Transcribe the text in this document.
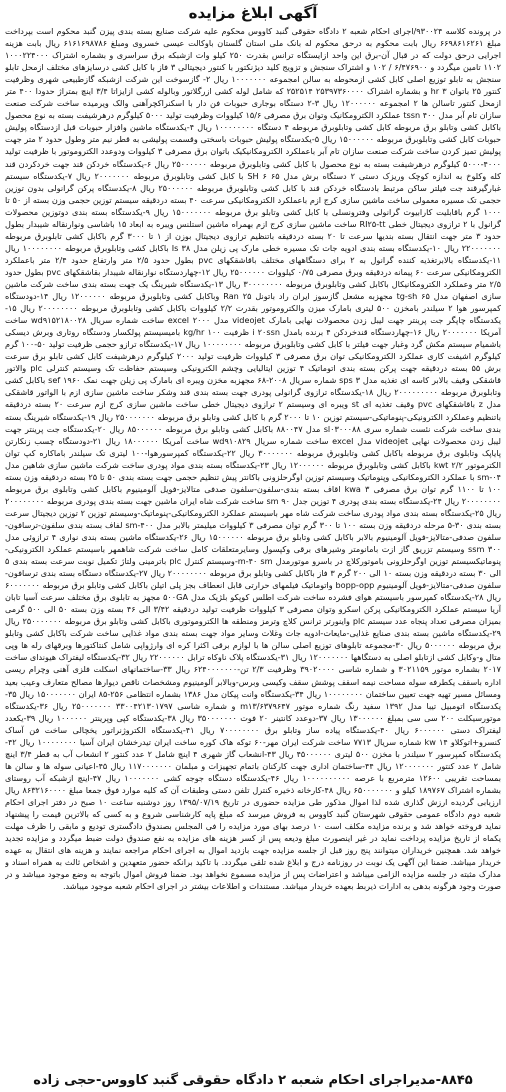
آگهی ابلاغ مزایده

در پرونده کلاسه ۹۳۰۰۲۴/اجرای احکام شعبه ۲ دادگاه حقوقی گنبد کاووس محکوم علیه شرکت صنایع بسته بندی پیزن گنبد محکوم است بپرداخت مبلغ ۶۶۹۸۶۱۶۲۶۱ ریال بابت محکوم به درحق محکوم له بانک ملی استان گلستان باوکالت عیسی خسروی ومبلغ ۶۱۶۱۶۹۸۷۸۶ ریال بابت هزینه اجرایی درحق دولت که در قبال آن-برق این واحد ازایستگاه ترانس بقدرت ۲۵۰ کیلو وات ازشبکه برق سراسری و بشماره اشتراک ۱۰۰۰۲۲۴۰۰۰ ۱۱۰۲ تامین میگردد و ۶/۴۷۶۹۰۰ / ۱۰۲ و اشتراک سنجش و تزویج کلید دیژنکتور با کنتور دیجیتالی ۳ فاز با کابل کشی درسایزهای مختلف ازمحل تابلو سنجش به تابلو توزیع اصلی کابل کشی ازمحوطه به سالن امجموعه ۱۰۰۰۰۰۰۰ ریال ۲- گازسوخت این شرکت ازشبکه گازطبیعی شهری وظرفیت کنتور ۲۵ باتوان ۳ hr و بشماره اشتراک ۲۵۳۹۷۳۶۰۰۰۰ ۲۵۲۵۱۴ که شامل لوله کشی ازرگلاتور وبالوله کشی ازایزاتا ۳/۴ اینچ بمتراژ حدودا ۴۰۰ متر ازمحل کنتور تاسالن ها ۲ امجموعه ۱۲۰۰۰۰۰۰ ریال ۳-۲ دستگاه بوجاری حبوبات فن دار با اسکنراکچرآهنی والک ویرمیده ساخت شرکت صنعت سازان تام آبر مدل ۴۰۰ tssn عملکرد الکترومکانیک وتوان برق مصرفی ۱۵/۶ کیلووات وظرفیت تولید ۵۰۰۰ کیلوگرم درهرشیفت بسته به نوع محصول باکابل کشی وتابلو برق مربوطه کابل کشی وتابلوبرق مربوطه ۴ دستگاه ۱۰۰۰۰۰۰۰۰ ریال ۴-یکدستگاه ماشین وافزار حبوبات قبل ازدستگاه پولیش حبوبات کابل کشی وتابلوبرق مربوطه ۱۵۰۰۰۰۰۰ ریال ۵-یکدستگاه پولیش حبوبات باسختی وقسمت پولیشی به قطر نیم متر وطول حدود ۲ متر جهت پولیش تمیز کردن ساخت شرکت صنعت سازان تام آبر باعملکرد الکترومکانیکیک باتوان برق مصرفی ۳ کیلووات ودوعدد الکتروموتور با ظرفیت تولید ۴۰۰۰-۵۰۰۰ کیلوگرم درهرشیفت بسته به نوع محصول با کابل کشی وتابلوبرق مربوطه ۲۵۰۰۰۰۰۰ ریال ۶-یکدستگاه خردکن قند جهت خردکردن قند کله وکلوخ به اندازه کوچک وریزک دستی ۲ دستگاه برش مدل ۶۵ SH ۶ با کابل کشی وتابلوبرق مربوطه ۲۰۰۰۰۰۰۰ ریال ۷-یکدستگاه سیستم غبارگیرقند جت فیلتر ساکن مرتبط بادستگاه خردکن قند با کابل کشی وتابلوبرق مربوطه ۲۵۰۰۰۰۰۰ ریال ۸-یکدستگاه پرکن گرانولی بدون توزین حجمی تک مسیره معمولی ساخت ماشین سازی کرج ازم باعملکرد الکترومکانیکی سرعت ۴۰ بسته دردقیقه سیستم توزین حجمی وزن بسته از ۵۰ تا ۱۰۰۰ گرم باقابلیت کارابیوت گرانولی وفترونسلی با کابل کشی وتابلو برق مربوطه ۱۵۰۰۰۰۰۰۰ ریال ۹-یکدستگاه بسته بندی دوتوزین محصولات گرانول با ۲ ترازوی دیجیتال خطی RI۲۵-tt ساخت ماشین سازی کرج ازم بهمراه ماشین استلنس ویبره به ابعاد ۱۵ باشاسی ونوارنقاله شیبدار بطول حدود ۳ متر جهت انتقال بسته بندیها سرعت تا ۲۰ بسته دردقیقه باتنظیم ترازوی دیجیتال بوزن از ۱ تا ۳۰۰۰ گرم باکابل کشی تابلوبرق مربوطه ۲۲۰۰۰۰۰۰۰ ریال ۱۰-یکدستگاه بسته بندی ادویه جات تک مسیره خطی مارک پی زیلن مدل ۳۸ Is باکابل کشی وتابلوبرق مربوطه ۱۰۰۰۰۰۰۰۰ ریال ۱۱-یکدستگاه بالابرتغذیه کننده گرانول به ۲ برای دستگاههای مختلف باقاشقکهای pvc بطول حدود ۲/۵ متر وارتفاع حدود ۲/۴ متر باعملکرد الکترومکانیکی سرعت ۶۰ پیمانه دردقیقه وبرق مصرفی ۰/۷۵ کیلووات ۲۵۰۰۰۰۰۰ ریال ۱۲-چهاردستگاه نوارنقاله شیبدار بقاشقکهای pvc بطول حدود ۲/۵ متر وعملکرد الکترومکانیکال باکابل کشی وتابلوبرق مربوطه ۳۰۰۰۰۰۰۰۰ ریال ۱۳-یکدستگاه شیرینگ یک جهت بسته بندی ساخت شرکت ماشین سازی اصفهان مدل tg-sh ۶۵ مجهزبه مشعل گازسوز ایران راد باتونل ۲۵ Ran وباکابل کشی وتابلوبرق مربوطه ۱۲۰۰۰۰۰۰ ریال ۱۴-دودستگاه کمپرسور هوا ۲ سیلندر بامخزن ۵۰۰ لیتری بامارک میزن والکتروموتور بقدرت ۲/۲ کیلووات باکابل کشی وتابلوبرق مربوطه ۲۰۰۰۰۰۰۰۰ ریال ۱۵-یکدستگاه چاپگر جت پرینتر جهت لیبل زدن محصولات نهایی بامارک videojet مدل excel ۲۰۰۰ ساخت شماره سریال wd۹۱۵۲۱۸۰۰۲۸ ساخت آمریکا ۲۰۰۰۰۰۰۰ ریال ۱۶-چهاردستگاه قندخردکن ۴ برنده بامدل i ۲۰ssn ظرفیت ۱۰۰ kg/hr بامیسیستم پولکسار ودستگاه روتاری وبرش دیسکی باشمیام سیستم مکش گرد وغبار جهت فیلتر با کابل کشی وتابلوبرق مربوطه ۱۰۰۰۰۰۰۰۰ ریال ۱۷-یکدستگاه ترازو حجمی ظرفیت تولید ۵۰-۱۰۰ گرم کیلوگرم اشیفت کاری عملکرد الکترومکانیکی توان برق مصرفی ۳ کیلووات ظرفیت تولید ۲۰۰۰ کیلوگرم درهرشیفت کابل کشی تابلو برق سرعت برش ۵۵ بسته دردقیقه جهت پرکن بسته بندی اتوماتیک ۴ توزین ایتالیایی وچشم الکترونیکی وسیستم حفاظت تک وسیستم کنترلی plc والاتور قاشقکی وقیف بالابر کاسه ای تغذیه مدل ۳ sps شماره سریال ۲۰۰۸-۶۸ مجهزبه مخزن ویبره ای بامارک پی زیلن جهت نمک ۱۹۶۰ sef باکابل کشی وتابلوبرق مربوطه ۲۰۰۰۰۰۰۰۰۰ ریال ۱۸-یکدستگاه ترازوی گرانولی پودری جهت بسته بندی قند وشکر ساخت ماشین سازی ازم با الواتور قاشقکی مدل z باقاشقکهای pvc وقیف تغذیه ای st ویبره ای وسیستم ۲ ترازوی دیجیتال خطی ساخت ماشین سازی کرج ازم سرعت ۲۰ بسته دردقیقه باتنظیم وعملکرد الکترونیکی-پنوماتیکی-سیستم توزین ۱۰ تا ۲۰۰۰ گرم با کابل کشی وتابلو برق مربوطه ۲۵۰۰۰۰۰۰۰ ریال ۱۹-یکدستگاه شیرینگ بسته بندی ساخت شرکت نئست شماره سری sl۰۳۰۰۰۸۸ مدل ۸۸۰۰۴۷ باکابل کشی وتابلو برق مربوطه ۸۵۰۰۰۰۰۰ ریال ۲۰-یکدستگاه جت پرینتر جهت لیبل زدن محصولات نهایی videojet مدل excel ساخت شماره سریال wd۹۱۰۸۲۹ ساخت آمریکا ۱۸۰۰۰۰۰۰ ریال ۲۱-دودستگاه چسب زنکارتن پایاپک وتابلوی برق مربوطه باکابل کشی وتابلوبرق مربوطه ۳۰۰۰۰۰۰۰ ریال ۲۲-یکدستگاه کمپرسورهوا-۱۰۰ لیتری تک سیلندر باماکاره کپ توان الکترموتور ۲/۲ kwt باکابل کشی وتابلوبرق مربوطه ۱۲۰۰۰۰۰۰ ریال ۲۳-یکدستگاه بسته بندی مواد پودری ساخت شرکت ماشین سازی شاهین مدل sm-۰۴ با عملکرد الکترومکانیکی وپنوماتیک وسیستم توزین اوگرحلزونی باکانتر پیش تنظیم حجمی جهت بسته بندی ۵۰ تا ۲۵ بسته دردقیقه وزن بسته ۱۰۰ تا ۱۱۰۰ گرم توان برق مصرفی ۳ kwa اقاف بسته بندی-سلفون-سلفون صدفی متالایز-فویل آلومینیوم باکابل کشی وتابلوی برق مربوطه ۲۰۰۰۰۰۰۰۰ ریال ۲۴-یکدستگاه بسته بندی پودری ۴ توزین جدل ۹۰ sm ساخت شرکت شاه ایران ماشین جهت بسته بندی پودری مربوطه ۲۰۰۰۰۰۰۰۰ ریال ۲۵-یکدستگاه بسته بندی مواد پودری ساخت شرکت شاه مهر باسیستم عملکرد الکترومکانیکی-پنوماتیک-وسیستم توزین ۲ توزین دیجیتال سرعت بسته بندی ۳۰-۵ مرحله دردقیقه وزن بسته ۱۰۰ تا ۳۰۰ گرم توان مصرفی ۳ کیلووات میلیمتر بالابر مدل ۴۰۰-sm لفاف بسته بندی سلفون-ترسافون-سلفون صدفی-متالایز-فویل آلومینیوم بالابر باکابل کشی وتابلو برق مربوطه ۱۵۰۰۰۰۰۰ ریال ۲۶-یکدستگاه ماشین بسته بندی نواری ۴ ترازوئی مدل ssm ۳۰۰ وسیستم تزریق گاز ازت بامانومتر وشیرهای برقی وکپسول وسایرمتعلقات کامل ساخت شرکت شاهمهر باسیستم عملکرد الکترونیکی-پنوماتیکسیستم توزین اوگرحلزونی باموتورکلاچ در باسرو موتورمدل m-۴۰ sm-وسیستم کنترل plc باترمینی ولتاژ تکمیل نوبت سرعت بسته بندی ۵ الی ۳۰ بسته دردقیقه وزن بسته ۱۰ الی ۲۰۰ گرم ۳ فاز باکابل کشی وتابلو برق مربوطه ۲۰۰۰۰۰۰۰۰ ریال ۲۷-یکدستگاه دستگاه بسته بندی ترسافون-سلفون صدفی-متالایز-فویل آلومینیوم bopp-opp واتوماتیک فیلمهای حرارتی قابل انعطاف بجز پلی اتیلن باکابل کشی وتابلو برق مربوطه ۶۰۰۰۰۰۰۰ ریال ۲۸-یکدستگاه کمپرسور باسیستم هوای فشرده ساخت شرکت اطلس کوپکو بلژیک مدل ۵۰۰GA مجهز به تابلوی برق مختلف سرعت آسیا تابان آریا سیستم عملکرد الکترومکانیکی پرکن اسکرو وتوان مصرفی ۳ کیلووات ظرفیت تولید دردقیقه ۳/۴۲ الی ۴۶ بسته وزن بسته ۵۰ الی ۵۰۰ گرمی بمیزان مصرفی تعداد پنجاه عدد سیستم plc واینورتر ترانس کلاچ وترمز ومنطقه ها الکتروموتوری باکابل کشی وتابلو برق مربوطه ۲۵۰۰۰۰۰۰۰ ریال ۲۹-یکدستگاه ماشین بسته بندی صنایع غذایی-مایعات-ادویه جات وغلات وسایر مواد جهت بسته بندی مواد غذایی ساخت شرکت باکابل کشی وتابلو برق مربوطه ۵۰۰۰۰۰۰ ریال ۳۰-مجموعه تابلوهای توزیع اصلی سالن ها با لوازم برقی اکثرا کره ای وارژواپی شامل کنتاکتورها وبرقهای رله ها وپی متال و-وکابل کشی ازتابلو اصلی به دستگاهها ۱۲۰۰۰۰۰۰۰ ریال ۳۱-یکدستگاه پلاک ناوکاه ترابل ۲۲۰۰۰۰۰۰ ریال ۳۲-یکدستگاه لیفتراک هیوندای ساخت ۲۰۱۷ بشماره موتور ۳۰۲۱۱۵۹ و شماره شاسی ۳۹۰۲۰۰۰۰ وظرفیت ۲/۳ تن-۶۲۴۰۰۰۰۰۰۰ ریال ۳۳-ساختمانهای اسکلت فلزی آهنی وچرام ریسی اداره باسقف یکطرفه سوله مساحت نیمه اسقف پوشش سقف وکیسی وبرس-وبالابر آلومینیوم ومشخصات ناقص دیوارها مصالح متعارف وعیب بعید ومسائل مسیر تهیه جهت تعیین ساختمان ۱۰۰۰۰۰۰۰۰ ریال ۳۴-یکدستگاه وانت پیکان مدل ۱۳۸۶ بشماره انتظامی ۲۵۶-۸۵ ایران ۱۵۰۰۰۰۰۰۰ ریال ۳۵-یکدستگاه اتومبیل تیبا مدل ۱۳۹۲ سفید رنگ شماره موتور m۱۳/۶۳۷۹۶۴۷ و شماره شاسی ۳۳۰۰۴۲۱۳۰۱۷۹۷ ۲۵۰۰۰۰۰۰۰ ریال ۳۶-یکدستگاه موتورسیکلت ۲۰۰ سی سی بمبلغ ۱۳۰۰۰۰۰۰ ریال ۳۷-دوعدد کانتینر ۲۰ فوت ۳۵۰۰۰۰۰۰۰ ریال ۳۸-یکدستگاه کپی وپرینتر ۱۰۰۰۰۰۰ ریال ۳۹-یکعدد لیفتراک دستی ۶۰۰۰۰۰۰ ریال ۴۰-یکدستگاه پیاده ساز وتابلو برق ۷۰۰۰۰۰۰۰۰ ریال ۴۱-یکدستگاه الکتروژنراتور یخچالی ساخت فن آساک کنسرو+اتوکلاو ۱۴ kw شماره سریال ۷۷۱۳ ساخت شرکت ایران مهر-۶۰ توکه هاک کوره ساخت ایران تیدرخشان ایران آسیا ۱۰۰۰۰۰۰۰۰ ریال ۴۲-یکدستگاه کمپرسور ۲ سیلندر با مخزن ۵۰۰ لیتری ۴۵۰۰۰۰۰۰ ریال ۴۳-انشعاب گاز شهری ۴ اینچ شامل ۲ عدد کنتور ۲ انشعاب آب به قطر ۳/۴ اینچ شامل ۲ عدد کنتور ۱۲۰۰۰۰۰۰۰ ریال ۴۴-ساختمان اداری جهت کارکنان باتمام تجهیزات و مبلمان ۱۱۷۰۰۰۰۰۰۰ ریال ۴۵-اعیانی سوله ها و سالن ها بمساحت تقریبی ۱۲۶۰۰ مترمربع با عرصه ۱۰۰۰۰۰۰۰۰۰۰ ریال ۴۶-یکدستگاه دستگاه جوجه کشی ۱۰۰۰۰۰۰۰ ریال ۴۷-اینچ ازشبکه آب روستای بشماره اشتراک ۱۸۹۷۶۷ کیلو و ۶۵۰۰۰۰۰۰۰ ریال ۴۸-کارخانه ذخیره کنترل تلفن دستی وطبقات آن که کلیه موارد فوق جمعا مبلغ ۸۶۳۲۱۶۰۰۰۰ ریال ارزیابی گردیده ارزش گذاری شده لذا اموال مذکور طی مزایده حضوری در تاریخ ۱۳۹۵/۰۷/۱۹ روز دوشنبه ساعت ۱۰ صبح در دفتر اجرای احکام شعبه دوم دادگاه عمومی حقوقی شهرستان گنبد کاووس به فروش میرسد که مبلغ پایه کارشناسی شروع و به کسی که بالاترین قیمت را پیشنهاد نماید فروخته خواهد شد و برنده مزایده مکلف است ۱۰ درصد بهای مورد مزایده را فی المجلس بصندوق دادگستری تودیع و مابقی را ظرف مهلت یکماه از تاریخ مزایده پرداخت نماید در غیر اینصورت مبلغ ودیعه پس از کسر هزینه های مزایده به نفع صندوق دولت ضبط میگردد و مزایده تجدید خواهد شد. همچنین خریداران میتوانند پنج روز قبل از جلسه مزایده جهت بازدید اموال به اجرای احکام مراجعه نمایند و هزینه های انتقال به عهده خریدار میباشد. ضمنا این آگهی یک نوبت در روزنامه درج و ابلاغ شده تلقی میگردد. با تاکید برانکه حضور متعهدین و اشخاص ثالث به همراه اسناد و مدارک مثبته در جلسه مزایده الزامی میباشد و اعتراضات پس از مزایده مسموع نخواهد بود. ضمنا فروش اموال باتوجه به وضع موجود میباشد و در صورت وجود هرگونه بدهی به ادارات ذیربط بعهده خریدار میباشد. مستندات و اطلاعات بیشتر در اجرای احکام شعبه موجود میباشد.

۸۸۴۵-مدیراجرای احکام شعبه ۲ دادگاه حقوقی گنبد کاووس-حجی زاده
